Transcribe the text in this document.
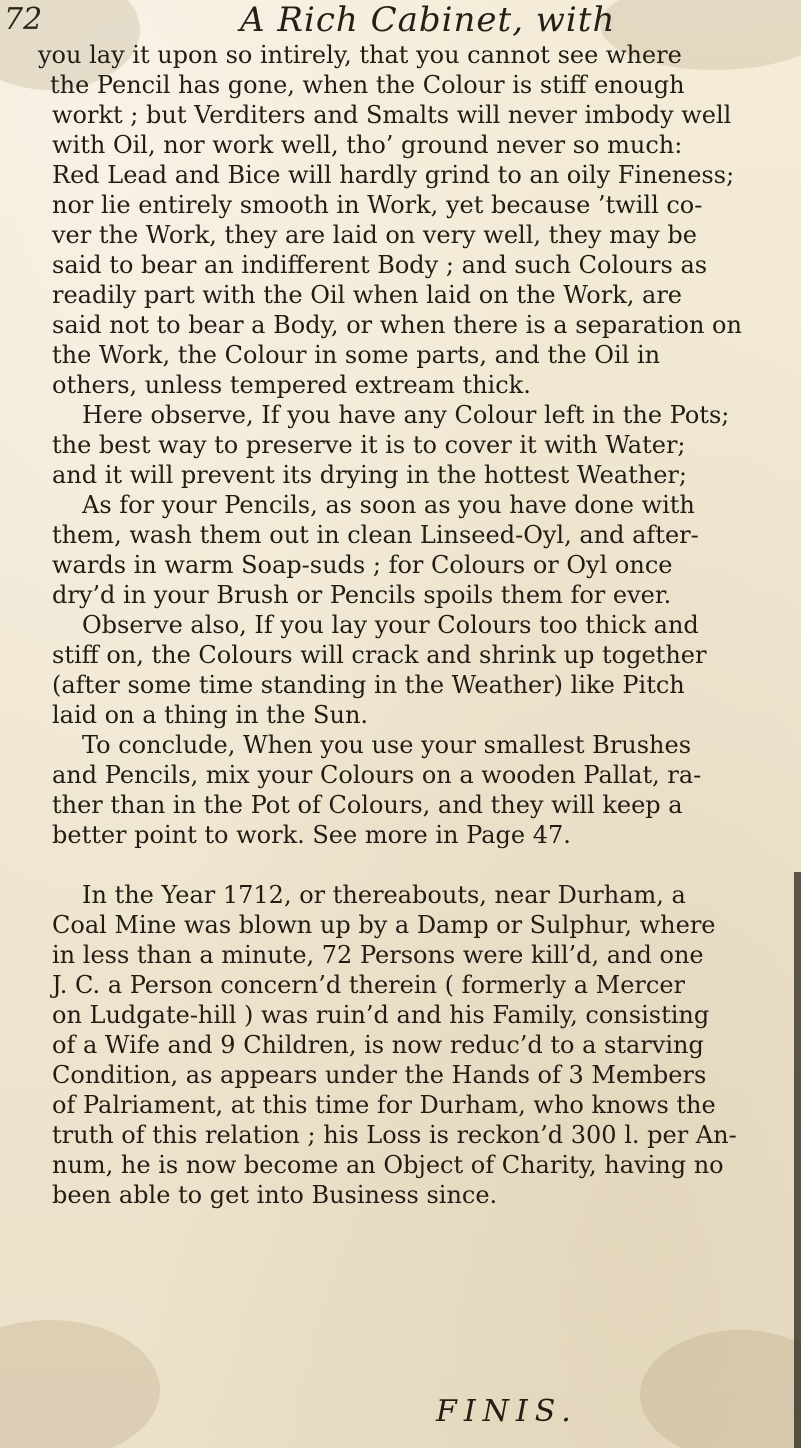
72	A Rich Cabinet, with
you lay it upon so intirely, that you cannot see where
the Pencil has gone, when the Colour is stiff enough
workt ; but Verditers and Smalts will never imbody well
with Oil, nor work well, tho’ ground never so much:
Red Lead and Bice will hardly grind to an oily Fineness;
nor lie entirely smooth in Work, yet because ’twill co-
ver the Work, they are laid on very well, they may be
said to bear an indifferent Body ; and such Colours as
readily part with the Oil when laid on the Work, are
said not to bear a Body, or when there is a separation on
the Work, the Colour in some parts, and the Oil in
others, unless tempered extream thick.
Here observe, If you have any Colour left in the Pots;
the best way to preserve it is to cover it with Water;
and it will prevent its drying in the hottest Weather;
As for your Pencils, as soon as you have done with
them, wash them out in clean Linseed-Oyl, and after-
wards in warm Soap-suds ; for Colours or Oyl once
dry’d in your Brush or Pencils spoils them for ever.
Observe also, If you lay your Colours too thick and
stiff on, the Colours will crack and shrink up together
(after some time standing in the Weather) like Pitch
laid on a thing in the Sun.
To conclude, When you use your smallest Brushes
and Pencils, mix your Colours on a wooden Pallat, ra-
ther than in the Pot of Colours, and they will keep a
better point to work. See more in Page 47.
In the Year 1712, or thereabouts, near Durham, a
Coal Mine was blown up by a Damp or Sulphur, where
in less than a minute, 72 Persons were kill’d, and one
J. C. a Person concern’d therein ( formerly a Mercer
on Ludgate-hill ) was ruin’d and his Family, consisting
of a Wife and 9 Children, is now reduc’d to a starving
Condition, as appears under the Hands of 3 Members
of Palriament, at this time for Durham, who knows the
truth of this relation ; his Loss is reckon’d 300 l. per An-
num, he is now become an Object of Charity, having no
been able to get into Business since.
FINIS.
